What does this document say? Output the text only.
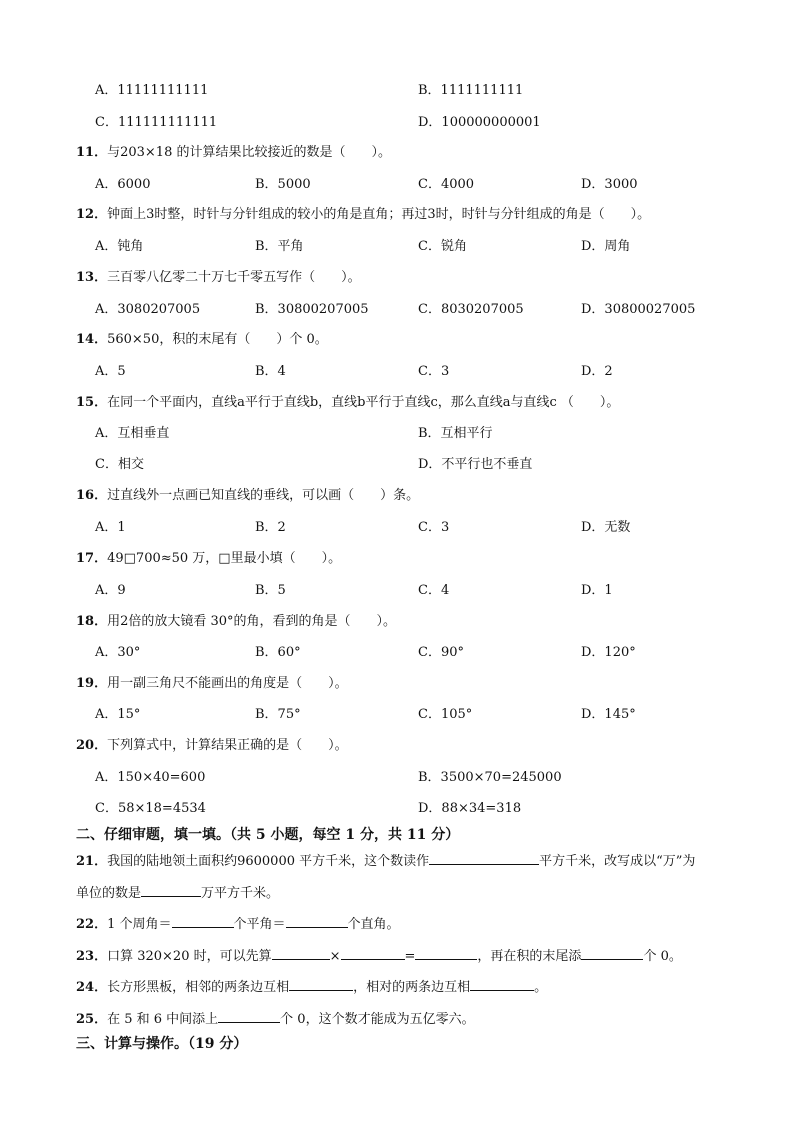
A．11111111111	B．1111111111
C．111111111111	D．100000000001
11．与203×18 的计算结果比较接近的数是（　　）。
A．6000	B．5000	C．4000	D．3000
12．钟面上3时整，时针与分针组成的较小的角是直角；再过3时，时针与分针组成的角是（　　）。
A．钝角	B．平角	C．锐角	D．周角
13．三百零八亿零二十万七千零五写作（　　）。
A．3080207005	B．30800207005	C．8030207005	D．30800027005
14．560×50，积的末尾有（　　）个 0。
A．5	B．4	C．3	D．2
15．在同一个平面内，直线a平行于直线b，直线b平行于直线c，那么直线a与直线c （　　）。
A．互相垂直	B．互相平行
C．相交	D．不平行也不垂直
16．过直线外一点画已知直线的垂线，可以画（　　）条。
A．1	B．2	C．3	D．无数
17．49□700≈50 万，□里最小填（　　）。
A．9	B．5	C．4	D．1
18．用2倍的放大镜看 30°的角，看到的角是（　　）。
A．30°	B．60°	C．90°	D．120°
19．用一副三角尺不能画出的角度是（　　）。
A．15°	B．75°	C．105°	D．145°
20．下列算式中，计算结果正确的是（　　）。
A．150×40=600	B．3500×70=245000
C．58×18=4534	D．88×34=318
二、仔细审题，填一填。（共 5 小题，每空 1 分，共 11 分）
21．我国的陆地领土面积约9600000 平方千米，这个数读作	平方千米，改写成以“万”为
单位的数是	万平方千米。
22．1 个周角＝	个平角＝	个直角。
23．口算 320×20 时，可以先算	×	=	，再在积的末尾添	个 0。
24．长方形黑板，相邻的两条边互相	，相对的两条边互相	。
25．在 5 和 6 中间添上	个 0，这个数才能成为五亿零六。
三、计算与操作。（19 分）
